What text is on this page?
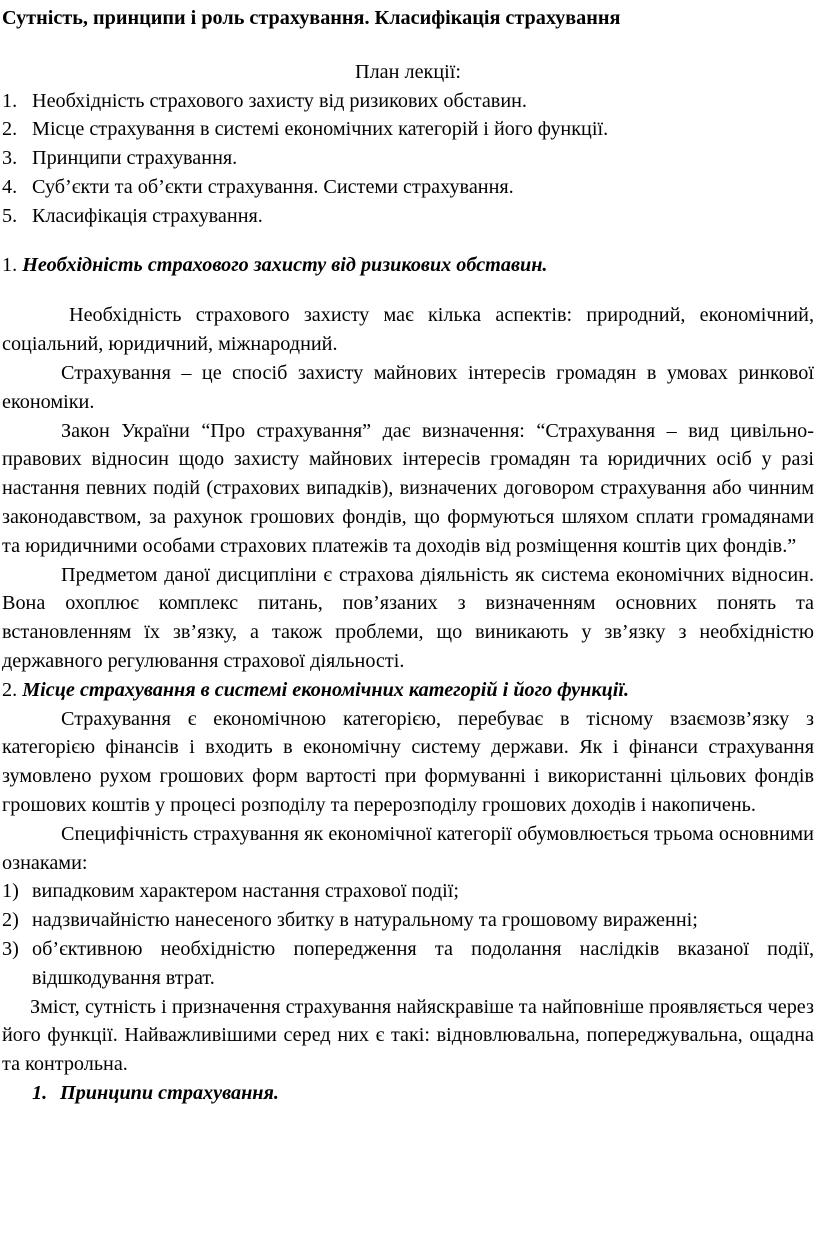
Сутність, принципи і роль страхування. Класифікація страхування
План лекції:
1. Необхідність страхового захисту від ризикових обставин.
2. Місце страхування в системі економічних категорій і його функції.
3. Принципи страхування.
4. Суб’єкти та об’єкти страхування. Системи страхування.
5. Класифікація страхування.
1. Необхідність страхового захисту від ризикових обставин.

Необхідність страхового захисту має кілька аспектів: природний, економічний, соціальний, юридичний, міжнародний.

Страхування – це спосіб захисту майнових інтересів громадян в умовах ринкової економіки.

Закон України “Про страхування” дає визначення: “Страхування – вид цивільно-правових відносин щодо захисту майнових інтересів громадян та юридичних осіб у разі настання певних подій (страхових випадків), визначених договором страхування або чинним законодавством, за рахунок грошових фондів, що формуються шляхом сплати громадянами та юридичними особами страхових платежів та доходів від розміщення коштів цих фондів.”

Предметом даної дисципліни є страхова діяльність як система економічних відносин. Вона охоплює комплекс питань, пов’язаних з визначенням основних понять та встановленням їх зв’язку, а також проблеми, що виникають у зв’язку з необхідністю державного регулювання страхової діяльності.

2. Місце страхування в системі економічних категорій і його функції.

Страхування є економічною категорією, перебуває в тісному взаємозв’язку з категорією фінансів і входить в економічну систему держави. Як і фінанси страхування зумовлено рухом грошових форм вартості при формуванні і використанні цільових фондів грошових коштів у процесі розподілу та перерозподілу грошових доходів і накопичень.

Специфічність страхування як економічної категорії обумовлюється трьома основними ознаками:

1) випадковим характером настання страхової події;
2) надзвичайністю нанесеного збитку в натуральному та грошовому вираженні;
3) об’єктивною необхідністю попередження та подолання наслідків вказаної події, відшкодування втрат.

Зміст, сутність і призначення страхування найяскравіше та найповніше проявляється через його функції. Найважливішими серед них є такі: відновлювальна, попереджувальна, ощадна та контрольна.

1. Принципи страхування.
